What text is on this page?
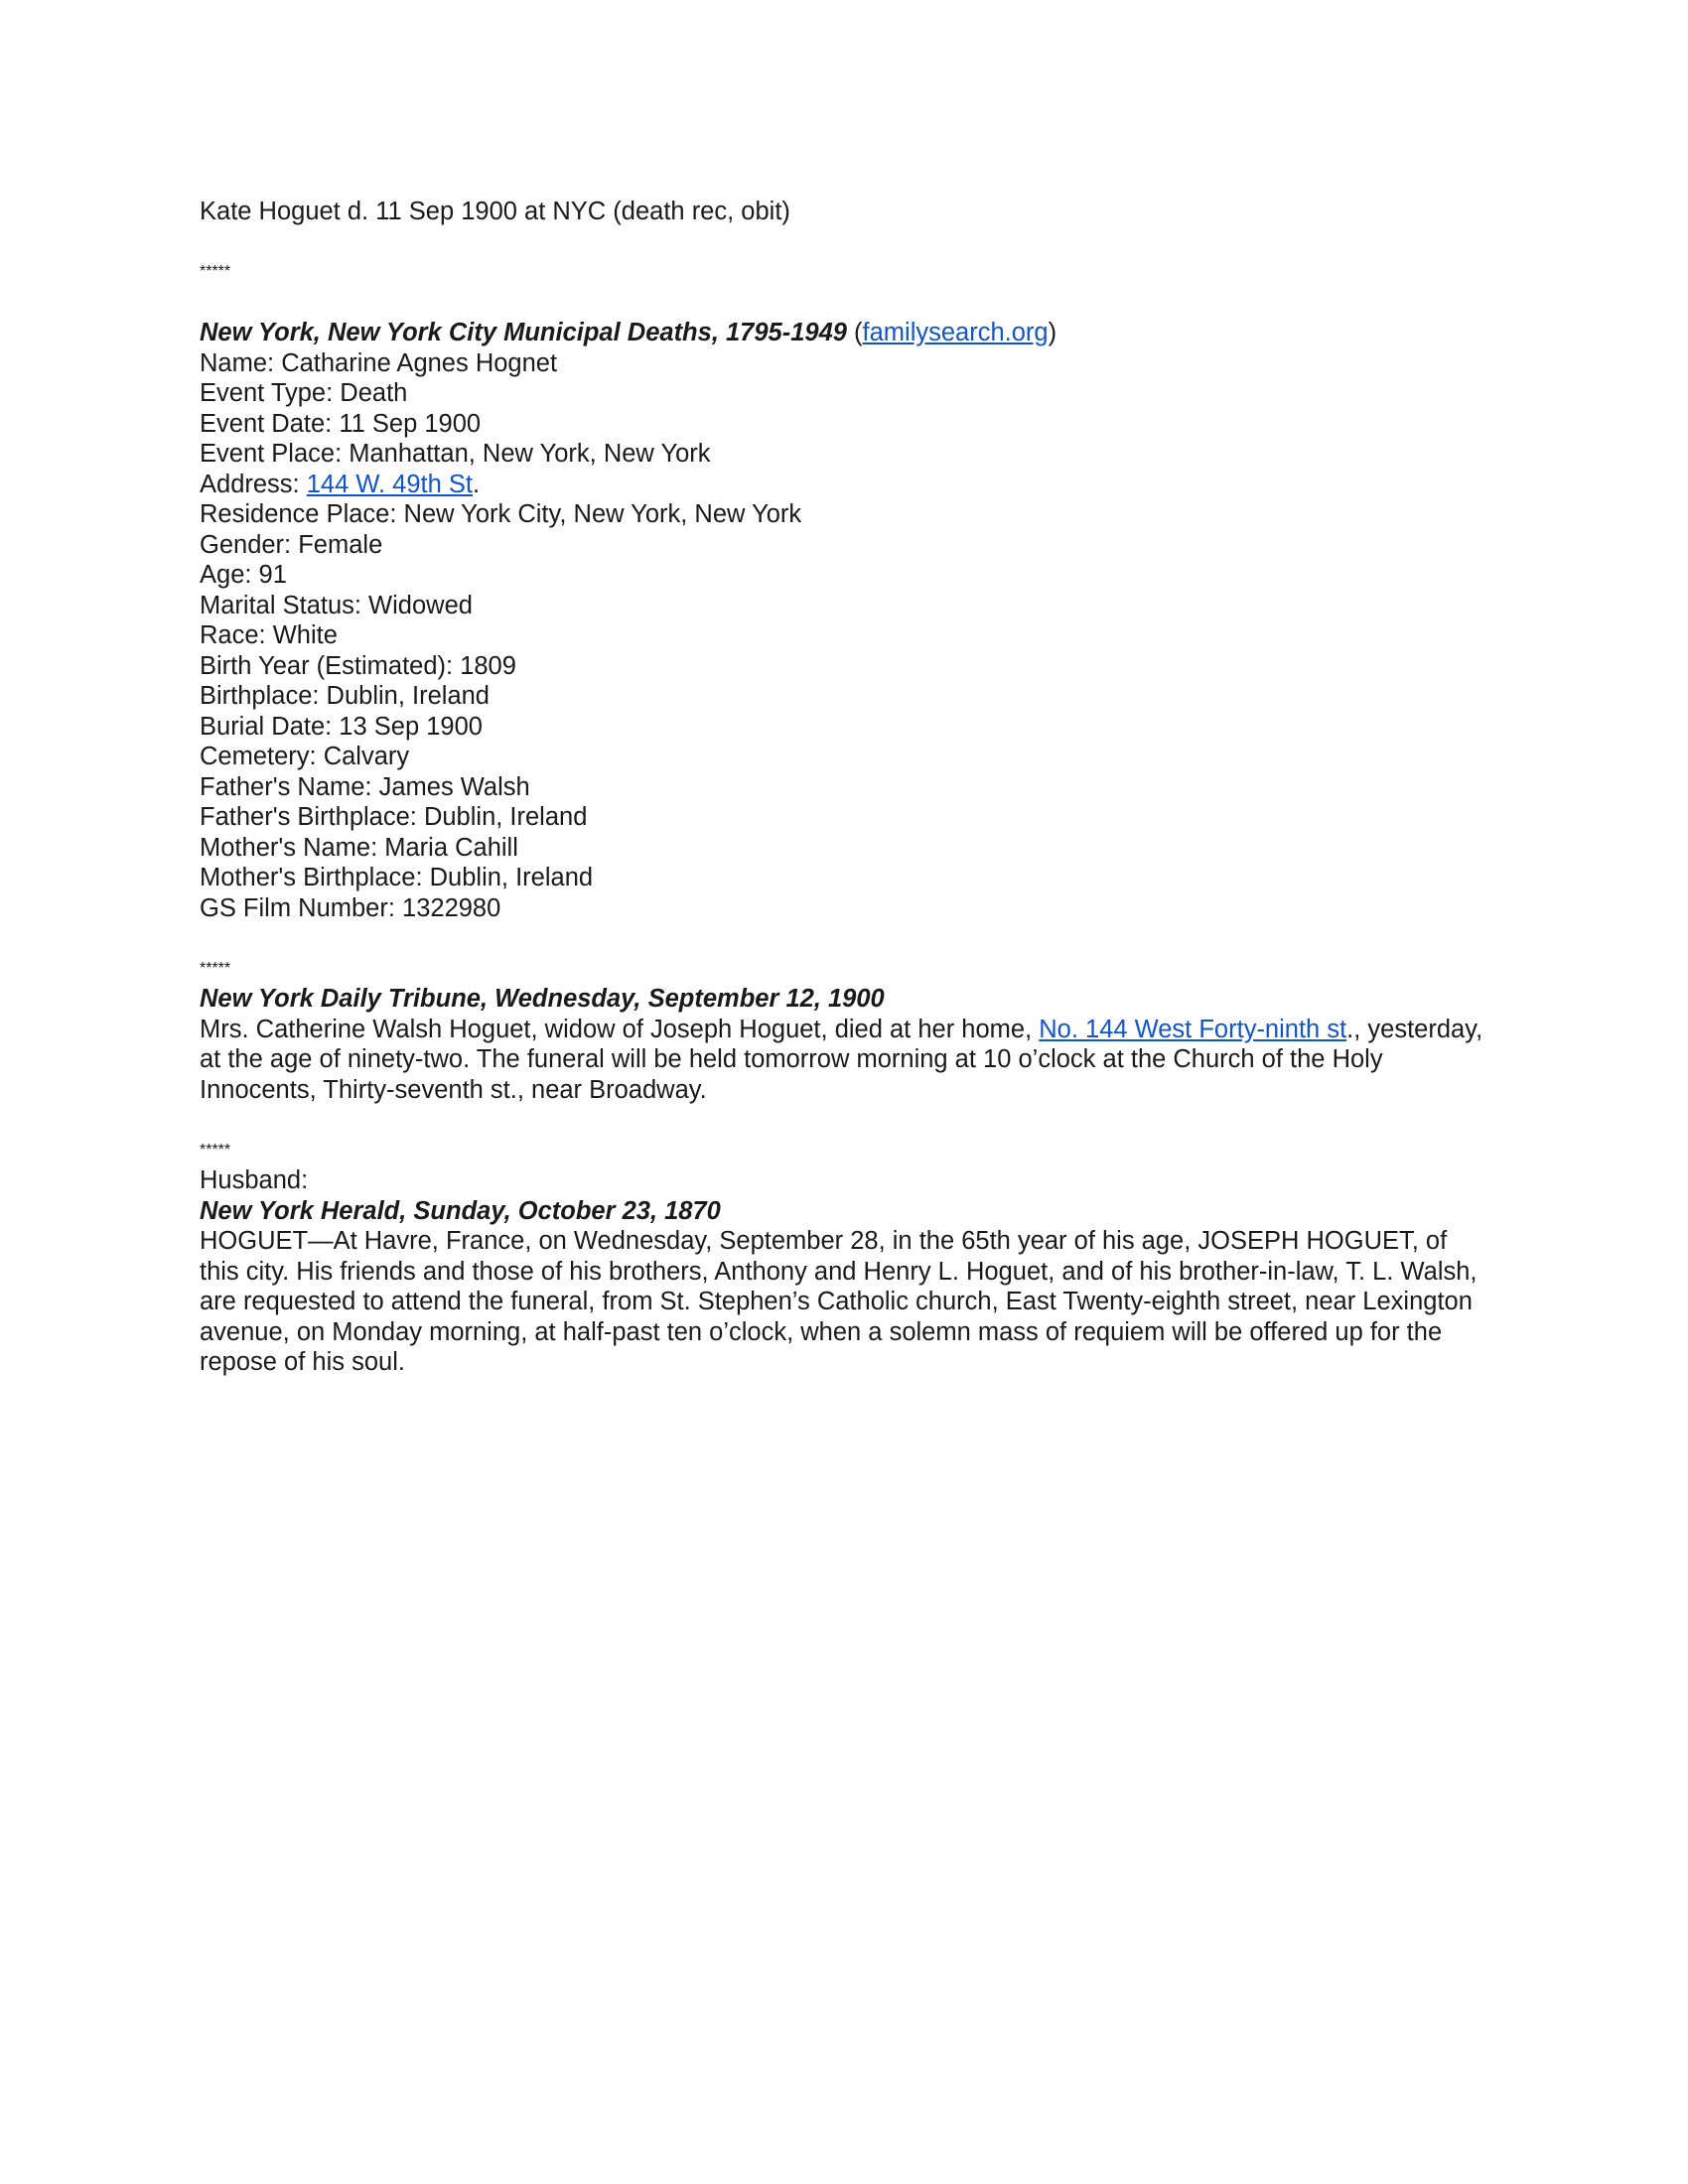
Kate Hoguet d. 11 Sep 1900 at NYC (death rec, obit)
*****
New York, New York City Municipal Deaths, 1795-1949 (familysearch.org)
Name: Catharine Agnes Hognet
Event Type: Death
Event Date: 11 Sep 1900
Event Place: Manhattan, New York, New York
Address: 144 W. 49th St.
Residence Place: New York City, New York, New York
Gender: Female
Age: 91
Marital Status: Widowed
Race: White
Birth Year (Estimated): 1809
Birthplace: Dublin, Ireland
Burial Date: 13 Sep 1900
Cemetery: Calvary
Father's Name: James Walsh
Father's Birthplace: Dublin, Ireland
Mother's Name: Maria Cahill
Mother's Birthplace: Dublin, Ireland
GS Film Number: 1322980
*****
New York Daily Tribune, Wednesday, September 12, 1900
Mrs. Catherine Walsh Hoguet, widow of Joseph Hoguet, died at her home, No. 144 West Forty-ninth st., yesterday, at the age of ninety-two. The funeral will be held tomorrow morning at 10 o’clock at the Church of the Holy Innocents, Thirty-seventh st., near Broadway.
*****
Husband:
New York Herald, Sunday, October 23, 1870
HOGUET—At Havre, France, on Wednesday, September 28, in the 65th year of his age, JOSEPH HOGUET, of this city. His friends and those of his brothers, Anthony and Henry L. Hoguet, and of his brother-in-law, T. L. Walsh, are requested to attend the funeral, from St. Stephen’s Catholic church, East Twenty-eighth street, near Lexington avenue, on Monday morning, at half-past ten o’clock, when a solemn mass of requiem will be offered up for the repose of his soul.
